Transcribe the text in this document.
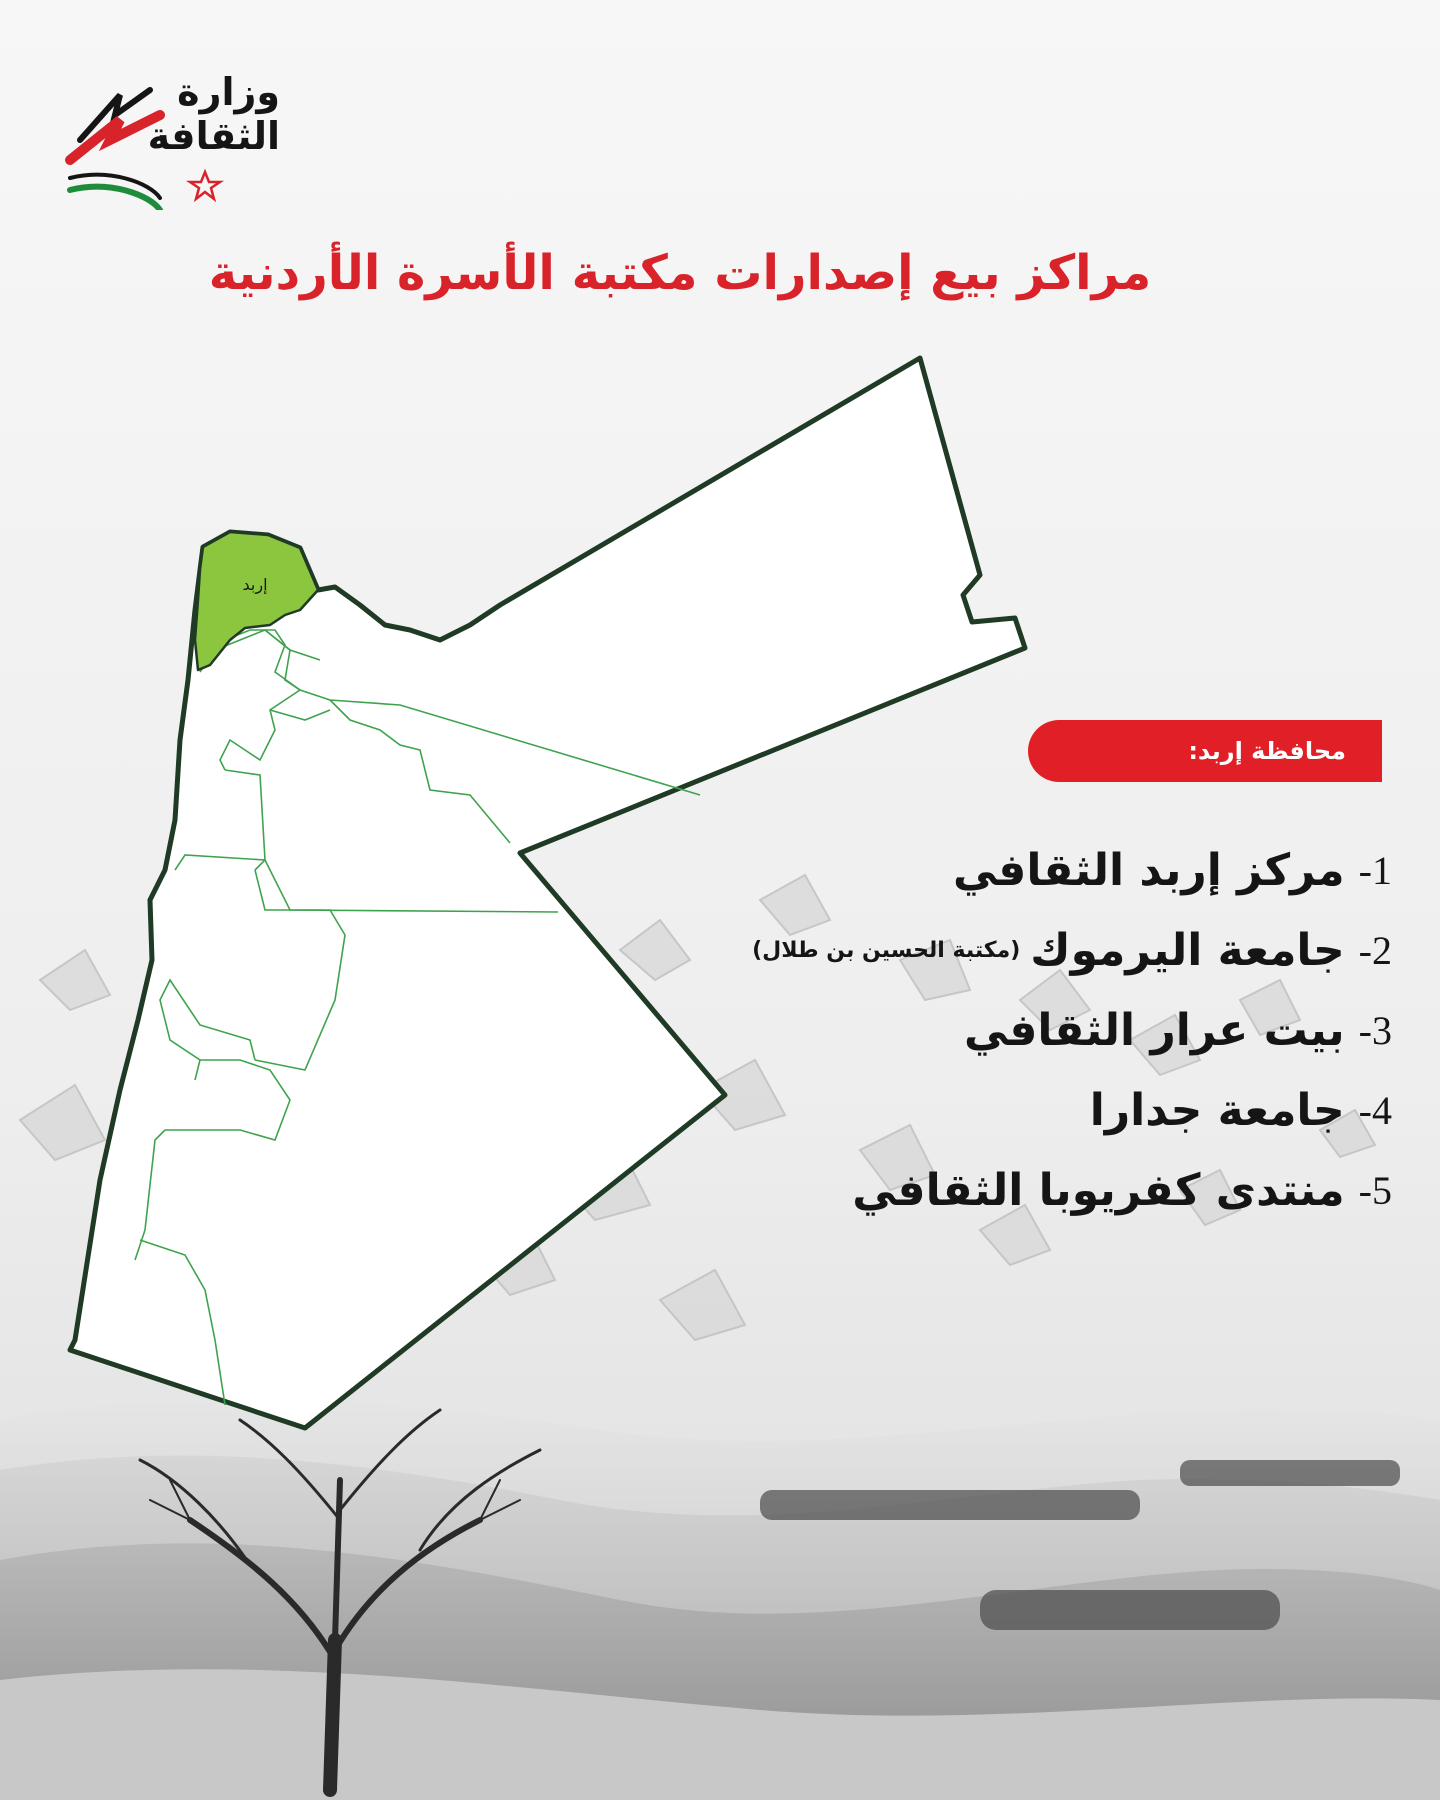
وزارة
الثقافة
مراكز بيع إصدارات مكتبة الأسرة الأردنية
إربد
محافظة إربد:
1-
مركز إربد الثقافي
2-
جامعة اليرموك
(مكتبة الحسين بن طلال)
3-
بيت عرار الثقافي
4-
جامعة جدارا
5-
منتدى كفريوبا الثقافي
